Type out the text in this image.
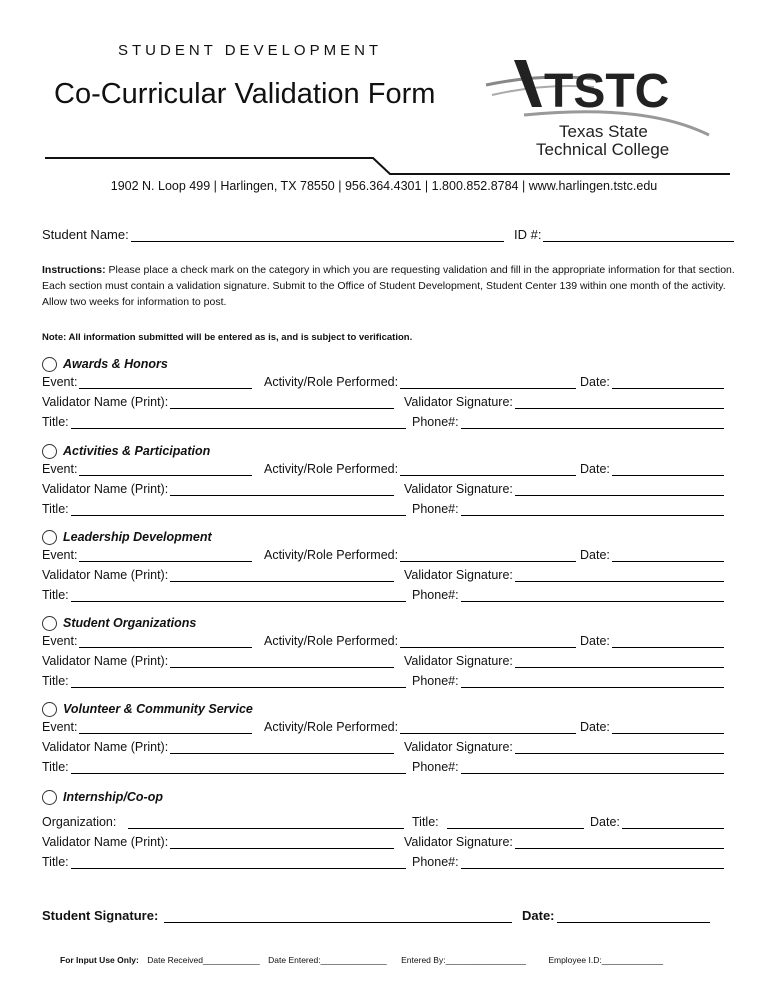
STUDENT DEVELOPMENT
Co-Curricular Validation Form TSTC
Texas State
Technical College
1902 N. Loop 499 | Harlingen, TX 78550 | 956.364.4301 | 1.800.852.8784 | www.harlingen.tstc.edu
Student Name:	ID #:
Instructions: Please place a check mark on the category in which you are requesting validation and fill in the appropriate information for that section. Each section must contain a validation signature. Submit to the Office of Student Development, Student Center 139 within one month of the activity. Allow two weeks for information to post.
Note: All information submitted will be entered as is, and is subject to verification.
Awards & Honors
Event:	Activity/Role Performed:	Date:
Validator Name (Print):	Validator Signature:
Title:	Phone#:
Activities & Participation
Event:	Activity/Role Performed:	Date:
Validator Name (Print):	Validator Signature:
Title:	Phone#:
Leadership Development
Event:	Activity/Role Performed:	Date:
Validator Name (Print):	Validator Signature:
Title:	Phone#:
Student Organizations
Event:	Activity/Role Performed:	Date:
Validator Name (Print):	Validator Signature:
Title:	Phone#:
Volunteer & Community Service
Event:	Activity/Role Performed:	Date:
Validator Name (Print):	Validator Signature:
Title:	Phone#:
Internship/Co-op
Organization:	Title:	Date:
Validator Name (Print):	Validator Signature:
Title:	Phone#:
Student Signature:	Date:
For Input Use Only: Date Received____________ Date Entered:______________ Entered By:_________________	Employee I.D:_____________
